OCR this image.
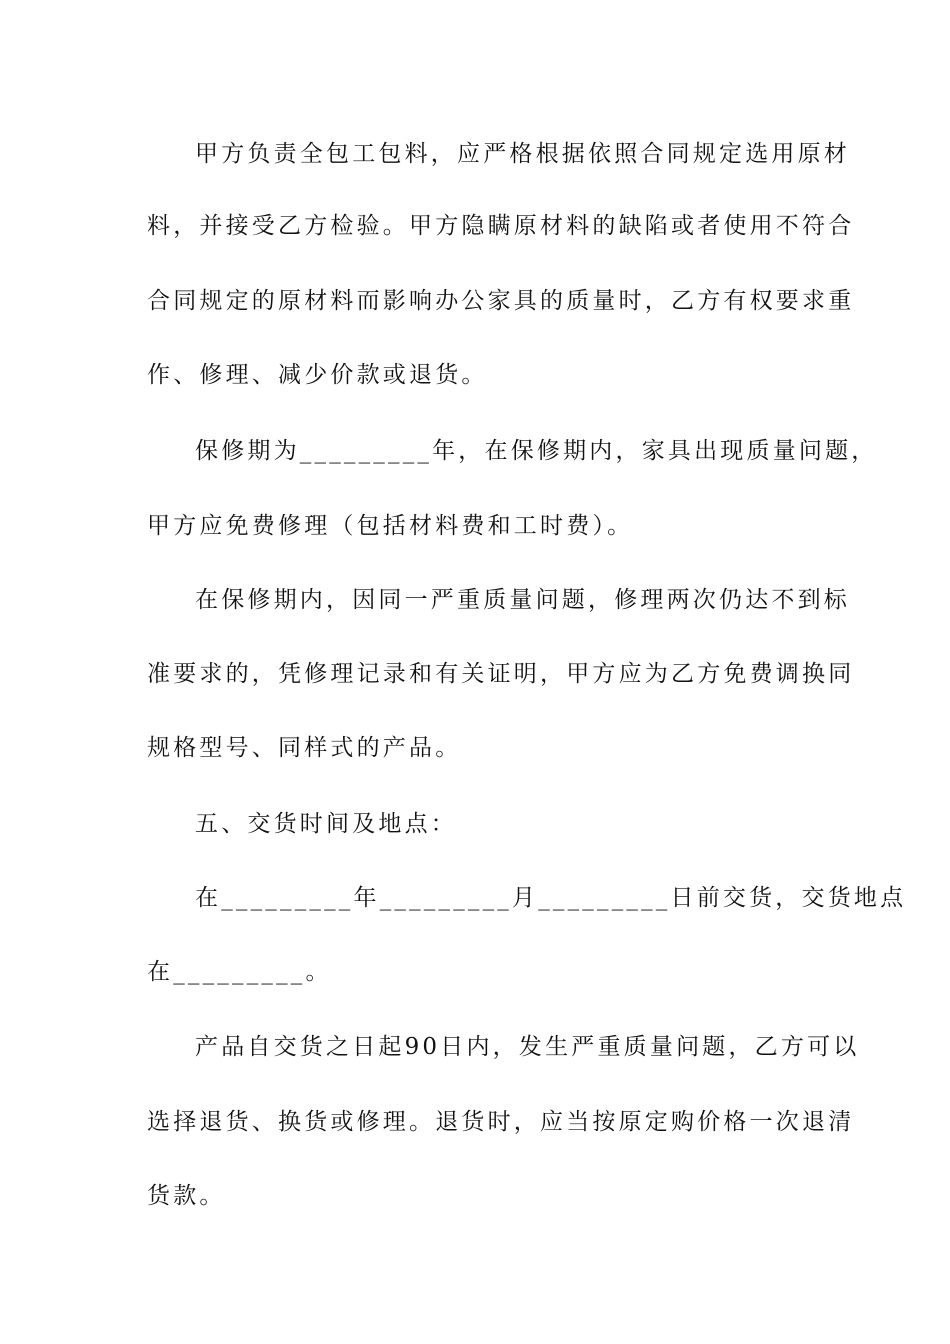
甲方负责全包工包料，应严格根据依照合同规定选用原材
料，并接受乙方检验。甲方隐瞒原材料的缺陷或者使用不符合
合同规定的原材料而影响办公家具的质量时，乙方有权要求重
作、修理、减少价款或退货。
保修期为_________年，在保修期内，家具出现质量问题，
甲方应免费修理（包括材料费和工时费）。
在保修期内，因同一严重质量问题，修理两次仍达不到标
准要求的，凭修理记录和有关证明，甲方应为乙方免费调换同
规格型号、同样式的产品。
五、交货时间及地点：
在_________年_________月_________日前交货，交货地点
在_________。
产品自交货之日起90日内，发生严重质量问题，乙方可以
选择退货、换货或修理。退货时，应当按原定购价格一次退清
货款。
